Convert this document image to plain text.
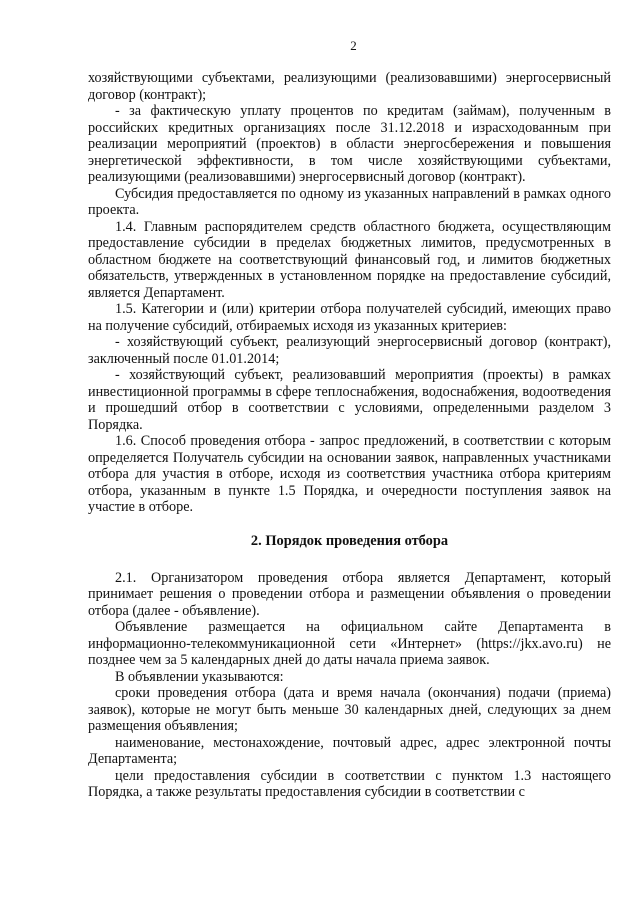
2

хозяйствующими субъектами, реализующими (реализовавшими) энергосервисный договор (контракт);

- за фактическую уплату процентов по кредитам (займам), полученным в российских кредитных организациях после 31.12.2018 и израсходованным при реализации мероприятий (проектов) в области энергосбережения и повышения энергетической эффективности, в том числе хозяйствующими субъектами, реализующими (реализовавшими) энергосервисный договор (контракт).

Субсидия предоставляется по одному из указанных направлений в рамках одного проекта.

1.4. Главным распорядителем средств областного бюджета, осуществляющим предоставление субсидии в пределах бюджетных лимитов, предусмотренных в областном бюджете на соответствующий финансовый год, и лимитов бюджетных обязательств, утвержденных в установленном порядке на предоставление субсидий, является Департамент.

1.5. Категории и (или) критерии отбора получателей субсидий, имеющих право на получение субсидий, отбираемых исходя из указанных критериев:

- хозяйствующий субъект, реализующий энергосервисный договор (контракт), заключенный после 01.01.2014;

- хозяйствующий субъект, реализовавший мероприятия (проекты) в рамках инвестиционной программы в сфере теплоснабжения, водоснабжения, водоотведения и прошедший отбор в соответствии с условиями, определенными разделом 3 Порядка.

1.6. Способ проведения отбора - запрос предложений, в соответствии с которым определяется Получатель субсидии на основании заявок, направленных участниками отбора для участия в отборе, исходя из соответствия участника отбора критериям отбора, указанным в пункте 1.5 Порядка, и очередности поступления заявок на участие в отборе.

2. Порядок проведения отбора

2.1. Организатором проведения отбора является Департамент, который принимает решения о проведении отбора и размещении объявления о проведении отбора (далее - объявление).

Объявление размещается на официальном сайте Департамента в информационно-телекоммуникационной сети «Интернет» (https://jkx.avo.ru) не позднее чем за 5 календарных дней до даты начала приема заявок.

В объявлении указываются:

сроки проведения отбора (дата и время начала (окончания) подачи (приема) заявок), которые не могут быть меньше 30 календарных дней, следующих за днем размещения объявления;

наименование, местонахождение, почтовый адрес, адрес электронной почты Департамента;

цели предоставления субсидии в соответствии с пунктом 1.3 настоящего Порядка, а также результаты предоставления субсидии в соответствии с
